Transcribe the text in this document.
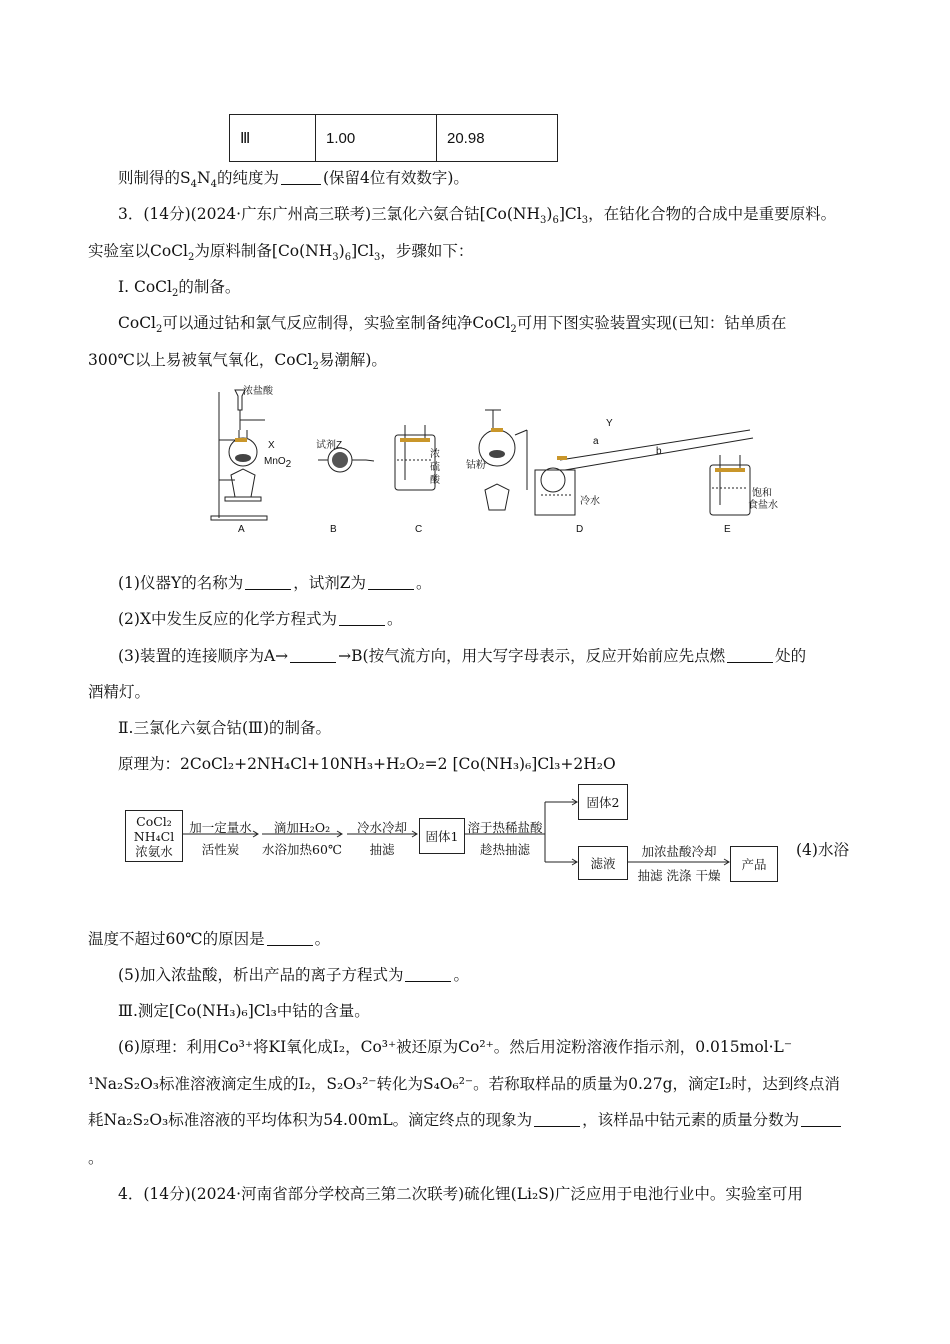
Ⅲ	1.00	20.98
则制得的$S_4N_4$的纯度为	(保留4位有效数字)。
3．(14分)(2024·广东广州高三联考)三氯化六氨合钴$[Co(NH_3)_6]Cl_3$，在钴化合物的合成中是重要原料。
实验室以CoCl$_2$为原料制备$[Co(NH_3)_6]Cl_3$，步骤如下：
Ⅰ. CoCl$_2$的制备。
CoCl$_2$可以通过钴和氯气反应制得，实验室制备纯净CoCl$_2$可用下图实验装置实现(已知：钴单质在
300℃以上易被氧气氧化，CoCl$_2$易潮解)。
浓盐酸
X
MnO$_2$
试剂Z
浓硫酸
钴粉
Y
a
b
冷水
饱和
食盐水
A	B	C	D	E
(1)仪器Y的名称为	，试剂Z为	。
(2)X中发生反应的化学方程式为	。
(3)装置的连接顺序为A→	→B(按气流方向，用大写字母表示，反应开始前应先点燃	处的
酒精灯。
Ⅱ.三氯化六氨合钴(Ⅲ)的制备。
原理为：2CoCl₂+2NH₄Cl+10NH₃+H₂O₂=2 [Co(NH₃)₆]Cl₃+2H₂O
CoCl₂
NH₄Cl
浓氨水
加一定量水
活性炭
滴加H₂O₂
水浴加热60℃
冷水冷却
抽滤
固体1
溶于热稀盐酸
趁热抽滤
固体2
滤液
加浓盐酸冷却
抽滤 洗涤 干燥
产品
(4)水浴
温度不超过60℃的原因是	。
(5)加入浓盐酸，析出产品的离子方程式为	。
Ⅲ.测定[Co(NH₃)₆]Cl₃中钴的含量。
(6)原理：利用Co³⁺将KI氧化成I₂，Co³⁺被还原为Co²⁺。然后用淀粉溶液作指示剂，0.015mol·L⁻
¹Na₂S₂O₃标准溶液滴定生成的I₂，S₂O₃²⁻转化为S₄O₆²⁻。若称取样品的质量为0.27g，滴定I₂时，达到终点消
耗Na₂S₂O₃标准溶液的平均体积为54.00mL。滴定终点的现象为	，该样品中钴元素的质量分数为
。
4．(14分)(2024·河南省部分学校高三第二次联考)硫化锂(Li₂S)广泛应用于电池行业中。实验室可用
